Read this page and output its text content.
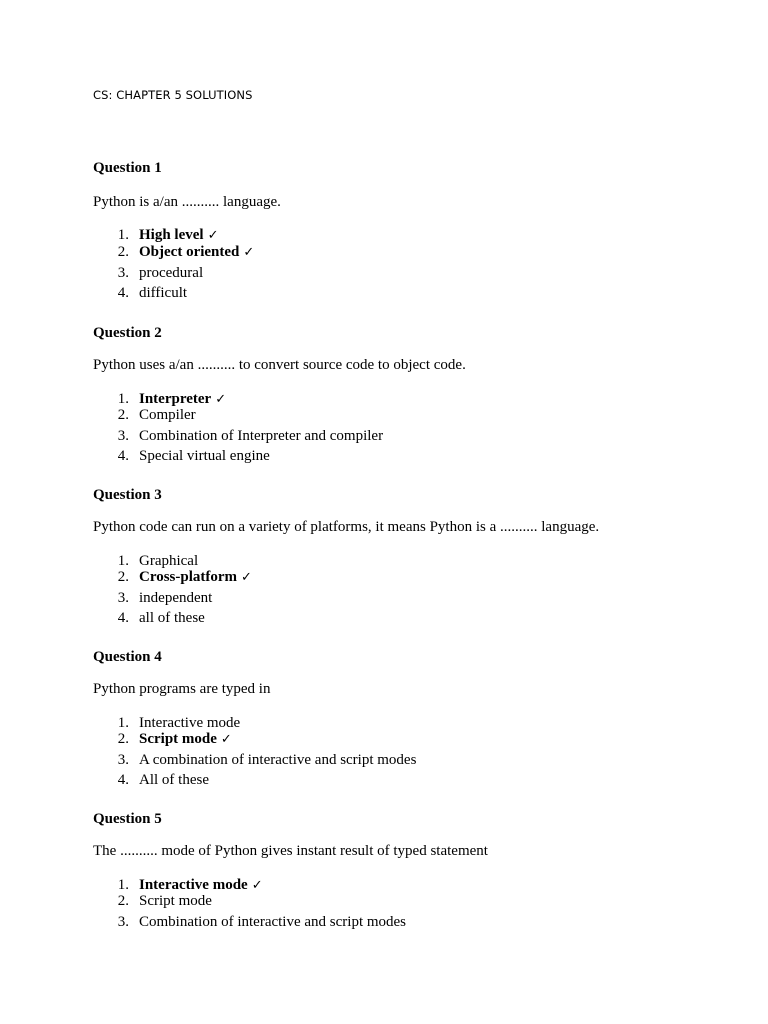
CS: CHAPTER 5 SOLUTIONS
Question 1

Python is a/an .......... language.

1. High level ✓
2. Object oriented ✓
3. procedural
4. difficult
Question 2

Python uses a/an .......... to convert source code to object code.

1. Interpreter ✓
2. Compiler
3. Combination of Interpreter and compiler
4. Special virtual engine
Question 3

Python code can run on a variety of platforms, it means Python is a .......... language.

1. Graphical
2. Cross-platform ✓
3. independent
4. all of these
Question 4

Python programs are typed in

1. Interactive mode
2. Script mode ✓
3. A combination of interactive and script modes
4. All of these
Question 5

The .......... mode of Python gives instant result of typed statement

1. Interactive mode ✓
2. Script mode
3. Combination of interactive and script modes
